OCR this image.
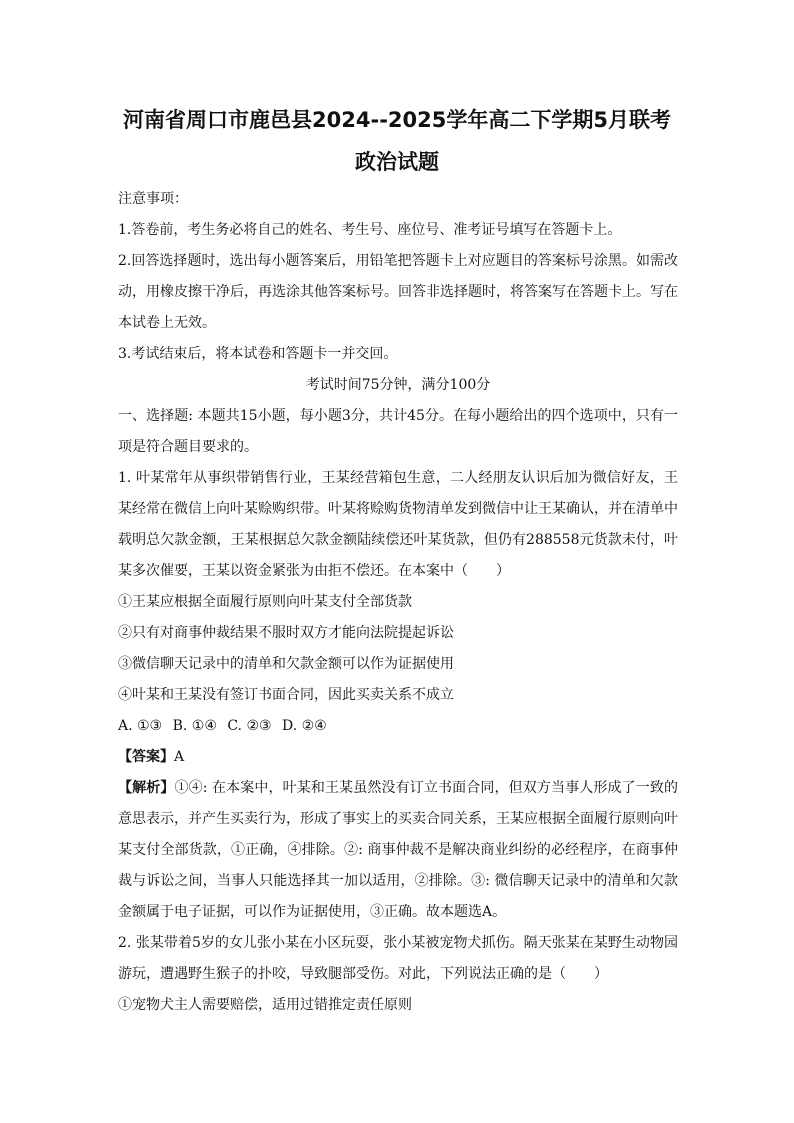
河南省周口市鹿邑县2024--2025学年高二下学期5月联考
政治试题

注意事项：

1.答卷前，考生务必将自己的姓名、考生号、座位号、准考证号填写在答题卡上。

2.回答选择题时，选出每小题答案后，用铅笔把答题卡上对应题目的答案标号涂黑。如需改动，用橡皮擦干净后，再选涂其他答案标号。回答非选择题时，将答案写在答题卡上。写在本试卷上无效。

3.考试结束后，将本试卷和答题卡一并交回。

考试时间75分钟，满分100分

一、选择题: 本题共15小题，每小题3分，共计45分。在每小题给出的四个选项中，只有一项是符合题目要求的。

1. 叶某常年从事织带销售行业，王某经营箱包生意，二人经朋友认识后加为微信好友，王某经常在微信上向叶某赊购织带。叶某将赊购货物清单发到微信中让王某确认，并在清单中载明总欠款金额，王某根据总欠款金额陆续偿还叶某货款，但仍有288558元货款未付，叶某多次催要，王某以资金紧张为由拒不偿还。在本案中（　　）

①王某应根据全面履行原则向叶某支付全部货款

②只有对商事仲裁结果不服时双方才能向法院提起诉讼

③微信聊天记录中的清单和欠款金额可以作为证据使用

④叶某和王某没有签订书面合同，因此买卖关系不成立

A. ①③ B. ①④ C. ②③ D. ②④

【答案】A

【解析】①④: 在本案中，叶某和王某虽然没有订立书面合同，但双方当事人形成了一致的意思表示，并产生买卖行为，形成了事实上的买卖合同关系，王某应根据全面履行原则向叶某支付全部货款，①正确，④排除。②: 商事仲裁不是解决商业纠纷的必经程序，在商事仲裁与诉讼之间，当事人只能选择其一加以适用，②排除。③: 微信聊天记录中的清单和欠款金额属于电子证据，可以作为证据使用，③正确。故本题选A。

2. 张某带着5岁的女儿张小某在小区玩耍，张小某被宠物犬抓伤。隔天张某在某野生动物园游玩，遭遇野生猴子的扑咬，导致腿部受伤。对此，下列说法正确的是（　　）

①宠物犬主人需要赔偿，适用过错推定责任原则
